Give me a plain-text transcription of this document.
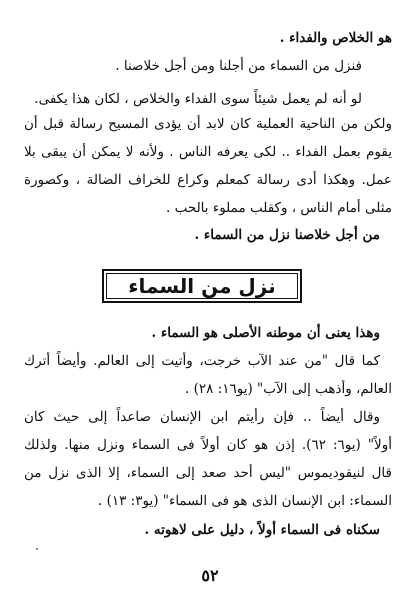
هو الخلاص والفداء .
فنزل من السماء من أجلنا ومن أجل خلاصنا .
لو أنه لم يعمل شيئاً سوى الفداء والخلاص ، لكان هذا يكفى.
ولكن من الناحية العملية كان لابد أن يؤدى المسيح رسالة قبل أن
يقوم بعمل الفداء .. لكى يعرفه الناس . ولأنه لا يمكن أن يبقى بلا
عمل. وهكذا أدى رسالة كمعلم وكراع للخراف الضالة ، وكصورة
مثلى أمام الناس ، وكقلب مملوء بالحب .
من أجل خلاصنا نزل من السماء .
نزل من السماء
وهذا يعنى أن موطنه الأصلى هو السماء .
كما قال "من عند الآب خرجت، وأتيت إلى العالم. وأيضاً أترك
العالم، وأذهب إلى الآب" (يو١٦: ٢٨) .
وقال أيضاً .. فإن رأيتم ابن الإنسان صاعداً إلى حيث كان
أولاً" (يو٦: ٦٢). إذن هو كان أولاً فى السماء ونزل منها. ولذلك
قال لنيقوديموس "ليس أحد صعد إلى السماء، إلا الذى نزل من
السماء: ابن الإنسان الذى هو فى السماء" (يو٣: ١٣) .
سكناه فى السماء أولاً ، دليل على لاهوته .
٥٢
